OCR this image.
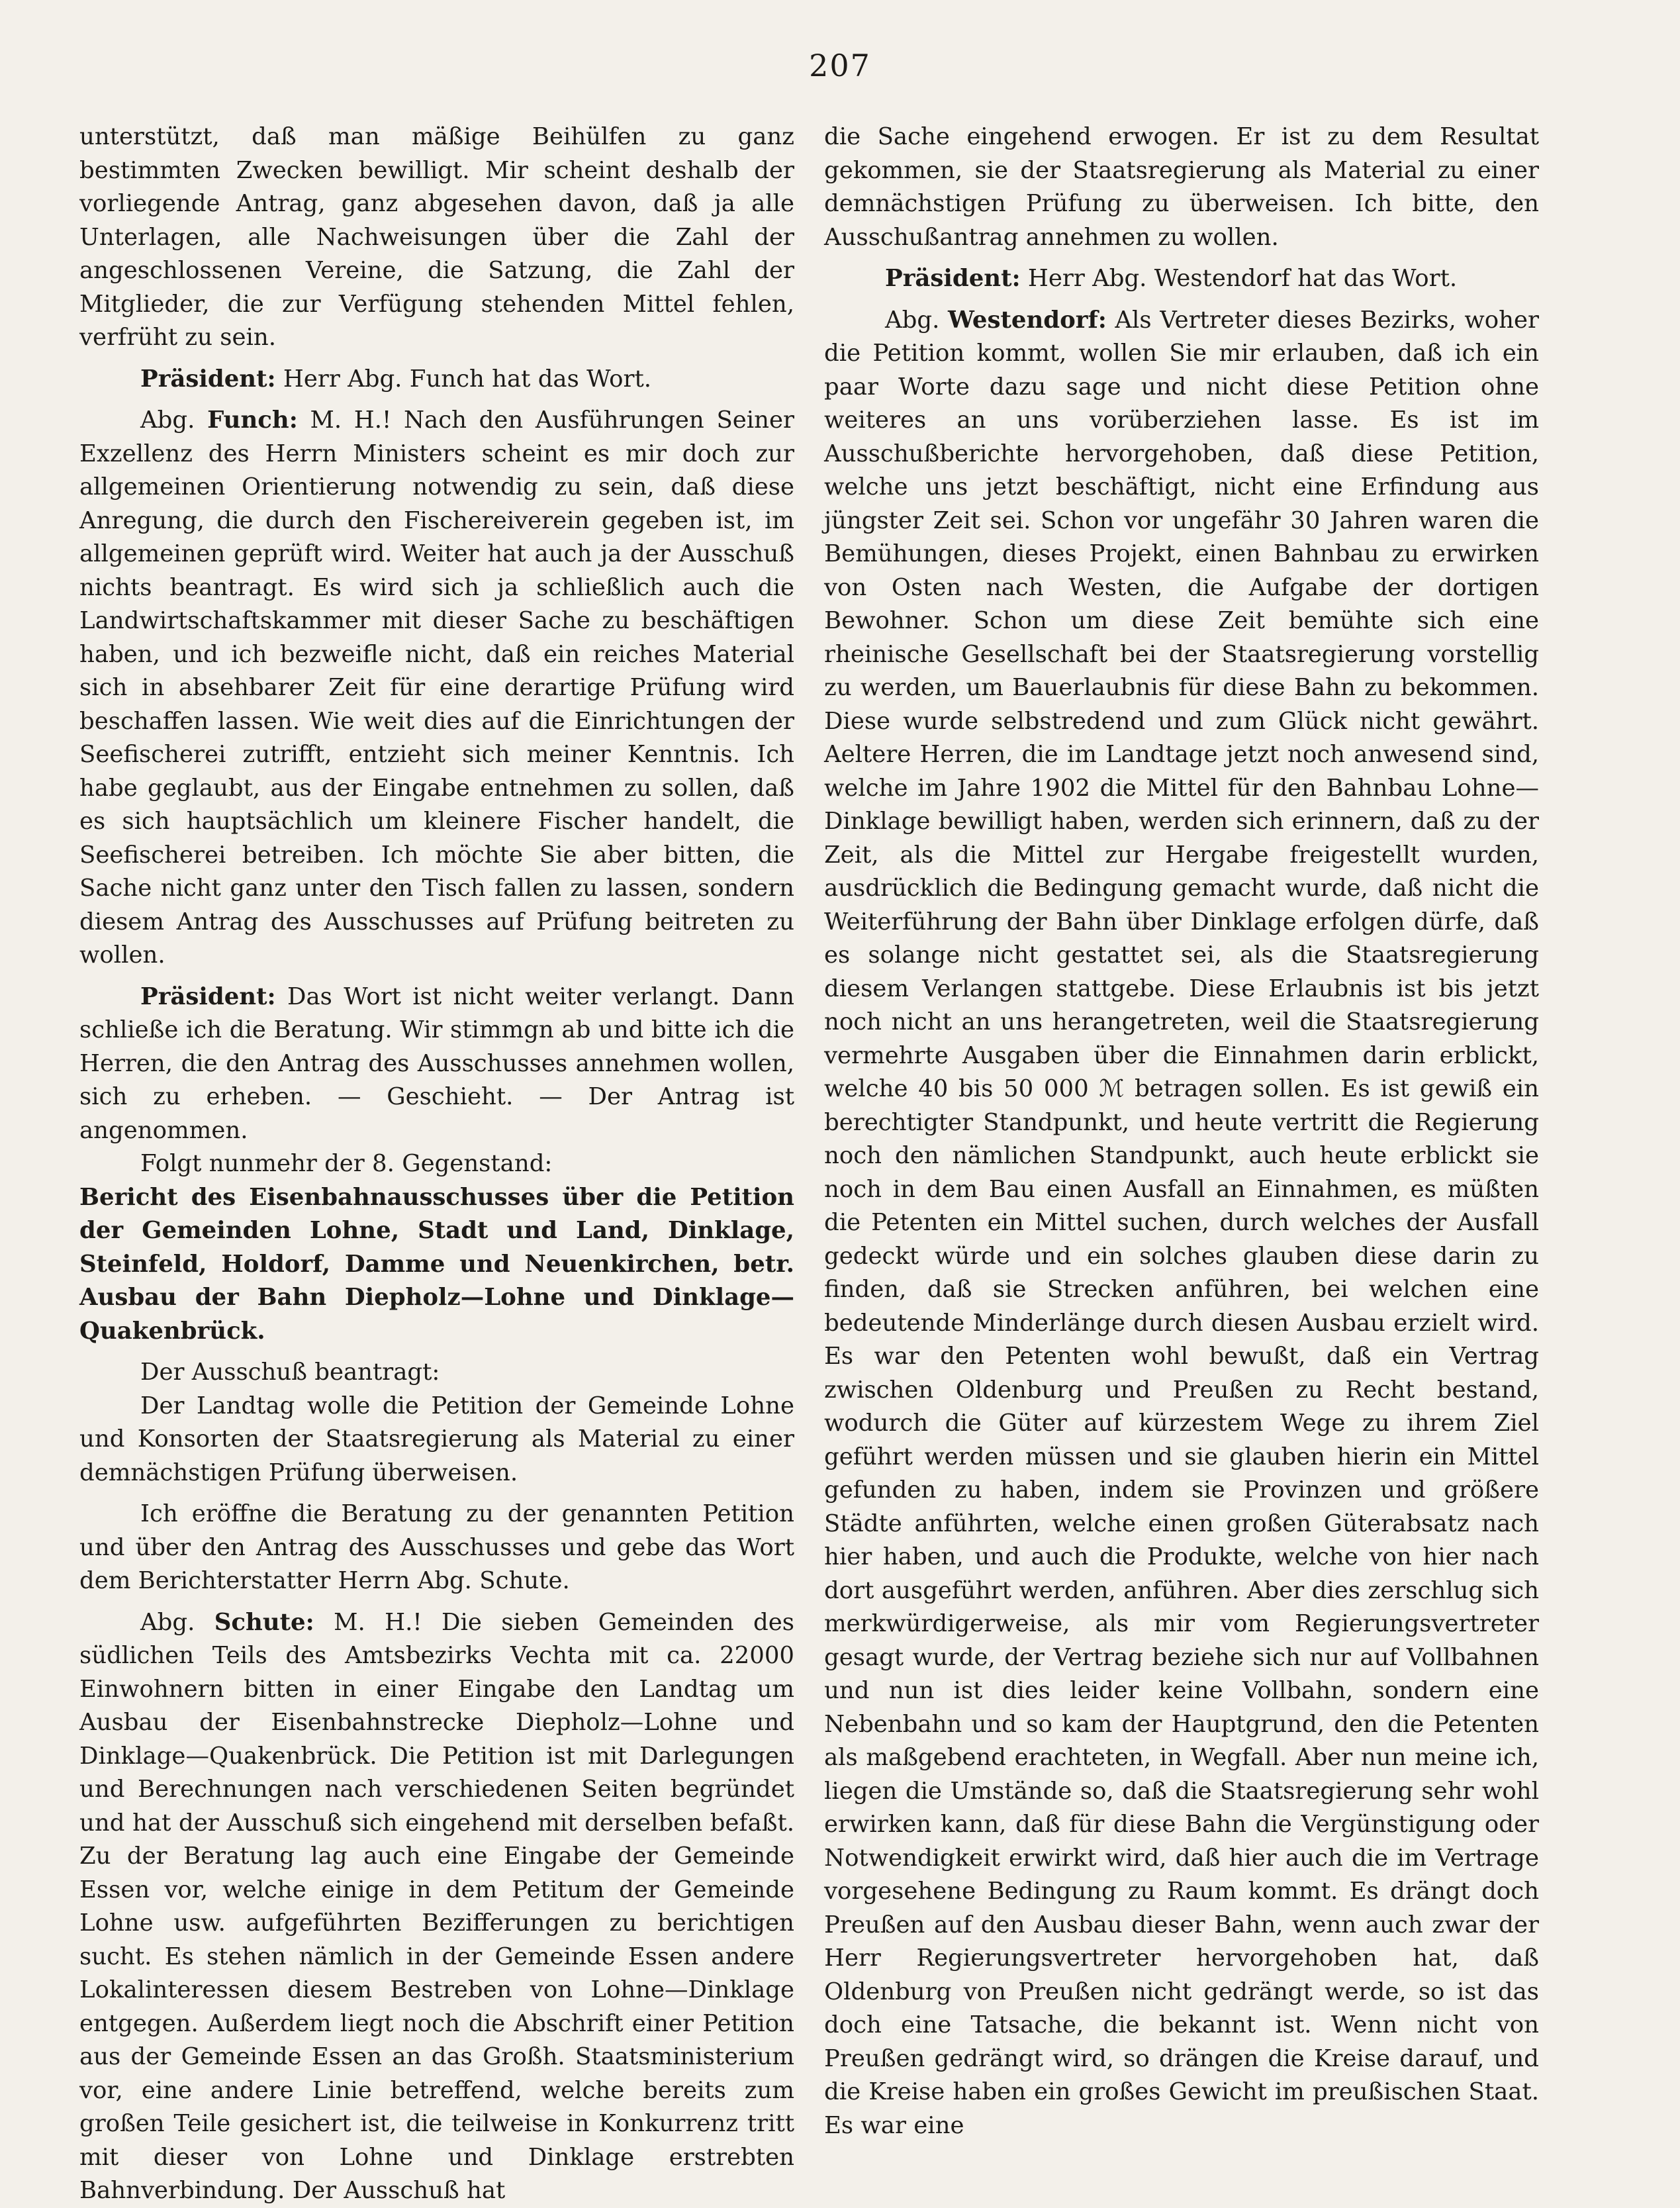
207

unterstützt, daß man mäßige Beihülfen zu ganz bestimmten Zwecken bewilligt. Mir scheint deshalb der vorliegende Antrag, ganz abgesehen davon, daß ja alle Unterlagen, alle Nachweisungen über die Zahl der angeschlossenen Vereine, die Satzung, die Zahl der Mitglieder, die zur Verfügung stehenden Mittel fehlen, verfrüht zu sein.

Präsident: Herr Abg. Funch hat das Wort.

Abg. Funch: M. H.! Nach den Ausführungen Seiner Exzellenz des Herrn Ministers scheint es mir doch zur allgemeinen Orientierung notwendig zu sein, daß diese Anregung, die durch den Fischereiverein gegeben ist, im allgemeinen geprüft wird. Weiter hat auch ja der Ausschuß nichts beantragt. Es wird sich ja schließlich auch die Landwirtschaftskammer mit dieser Sache zu beschäftigen haben, und ich bezweifle nicht, daß ein reiches Material sich in absehbarer Zeit für eine derartige Prüfung wird beschaffen lassen. Wie weit dies auf die Einrichtungen der Seefischerei zutrifft, entzieht sich meiner Kenntnis. Ich habe geglaubt, aus der Eingabe entnehmen zu sollen, daß es sich hauptsächlich um kleinere Fischer handelt, die Seefischerei betreiben. Ich möchte Sie aber bitten, die Sache nicht ganz unter den Tisch fallen zu lassen, sondern diesem Antrag des Ausschusses auf Prüfung beitreten zu wollen.

Präsident: Das Wort ist nicht weiter verlangt. Dann schließe ich die Beratung. Wir stimmgn ab und bitte ich die Herren, die den Antrag des Ausschusses annehmen wollen, sich zu erheben. — Geschieht. — Der Antrag ist angenommen.

Folgt nunmehr der 8. Gegenstand:

Bericht des Eisenbahnausschusses über die Petition der Gemeinden Lohne, Stadt und Land, Dinklage, Steinfeld, Holdorf, Damme und Neuenkirchen, betr. Ausbau der Bahn Diepholz—Lohne und Dinklage—Quakenbrück.

Der Ausschuß beantragt:

Der Landtag wolle die Petition der Gemeinde Lohne und Konsorten der Staatsregierung als Material zu einer demnächstigen Prüfung überweisen.

Ich eröffne die Beratung zu der genannten Petition und über den Antrag des Ausschusses und gebe das Wort dem Berichterstatter Herrn Abg. Schute.

Abg. Schute: M. H.! Die sieben Gemeinden des südlichen Teils des Amtsbezirks Vechta mit ca. 22000 Einwohnern bitten in einer Eingabe den Landtag um Ausbau der Eisenbahnstrecke Diepholz—Lohne und Dinklage—Quakenbrück. Die Petition ist mit Darlegungen und Berechnungen nach verschiedenen Seiten begründet und hat der Ausschuß sich eingehend mit derselben befaßt. Zu der Beratung lag auch eine Eingabe der Gemeinde Essen vor, welche einige in dem Petitum der Gemeinde Lohne usw. aufgeführten Bezifferungen zu berichtigen sucht. Es stehen nämlich in der Gemeinde Essen andere Lokalinteressen diesem Bestreben von Lohne—Dinklage entgegen. Außerdem liegt noch die Abschrift einer Petition aus der Gemeinde Essen an das Großh. Staatsministerium vor, eine andere Linie betreffend, welche bereits zum großen Teile gesichert ist, die teilweise in Konkurrenz tritt mit dieser von Lohne und Dinklage erstrebten Bahnverbindung. Der Ausschuß hat

die Sache eingehend erwogen. Er ist zu dem Resultat gekommen, sie der Staatsregierung als Material zu einer demnächstigen Prüfung zu überweisen. Ich bitte, den Ausschußantrag annehmen zu wollen.

Präsident: Herr Abg. Westendorf hat das Wort.

Abg. Westendorf: Als Vertreter dieses Bezirks, woher die Petition kommt, wollen Sie mir erlauben, daß ich ein paar Worte dazu sage und nicht diese Petition ohne weiteres an uns vorüberziehen lasse. Es ist im Ausschußberichte hervorgehoben, daß diese Petition, welche uns jetzt beschäftigt, nicht eine Erfindung aus jüngster Zeit sei. Schon vor ungefähr 30 Jahren waren die Bemühungen, dieses Projekt, einen Bahnbau zu erwirken von Osten nach Westen, die Aufgabe der dortigen Bewohner. Schon um diese Zeit bemühte sich eine rheinische Gesellschaft bei der Staatsregierung vorstellig zu werden, um Bauerlaubnis für diese Bahn zu bekommen. Diese wurde selbstredend und zum Glück nicht gewährt. Aeltere Herren, die im Landtage jetzt noch anwesend sind, welche im Jahre 1902 die Mittel für den Bahnbau Lohne—Dinklage bewilligt haben, werden sich erinnern, daß zu der Zeit, als die Mittel zur Hergabe freigestellt wurden, ausdrücklich die Bedingung gemacht wurde, daß nicht die Weiterführung der Bahn über Dinklage erfolgen dürfe, daß es solange nicht gestattet sei, als die Staatsregierung diesem Verlangen stattgebe. Diese Erlaubnis ist bis jetzt noch nicht an uns herangetreten, weil die Staatsregierung vermehrte Ausgaben über die Einnahmen darin erblickt, welche 40 bis 50 000 ℳ betragen sollen. Es ist gewiß ein berechtigter Standpunkt, und heute vertritt die Regierung noch den nämlichen Standpunkt, auch heute erblickt sie noch in dem Bau einen Ausfall an Einnahmen, es müßten die Petenten ein Mittel suchen, durch welches der Ausfall gedeckt würde und ein solches glauben diese darin zu finden, daß sie Strecken anführen, bei welchen eine bedeutende Minderlänge durch diesen Ausbau erzielt wird. Es war den Petenten wohl bewußt, daß ein Vertrag zwischen Oldenburg und Preußen zu Recht bestand, wodurch die Güter auf kürzestem Wege zu ihrem Ziel geführt werden müssen und sie glauben hierin ein Mittel gefunden zu haben, indem sie Provinzen und größere Städte anführten, welche einen großen Güterabsatz nach hier haben, und auch die Produkte, welche von hier nach dort ausgeführt werden, anführen. Aber dies zerschlug sich merkwürdigerweise, als mir vom Regierungsvertreter gesagt wurde, der Vertrag beziehe sich nur auf Vollbahnen und nun ist dies leider keine Vollbahn, sondern eine Nebenbahn und so kam der Hauptgrund, den die Petenten als maßgebend erachteten, in Wegfall. Aber nun meine ich, liegen die Umstände so, daß die Staatsregierung sehr wohl erwirken kann, daß für diese Bahn die Vergünstigung oder Notwendigkeit erwirkt wird, daß hier auch die im Vertrage vorgesehene Bedingung zu Raum kommt. Es drängt doch Preußen auf den Ausbau dieser Bahn, wenn auch zwar der Herr Regierungsvertreter hervorgehoben hat, daß Oldenburg von Preußen nicht gedrängt werde, so ist das doch eine Tatsache, die bekannt ist. Wenn nicht von Preußen gedrängt wird, so drängen die Kreise darauf, und die Kreise haben ein großes Gewicht im preußischen Staat. Es war eine
